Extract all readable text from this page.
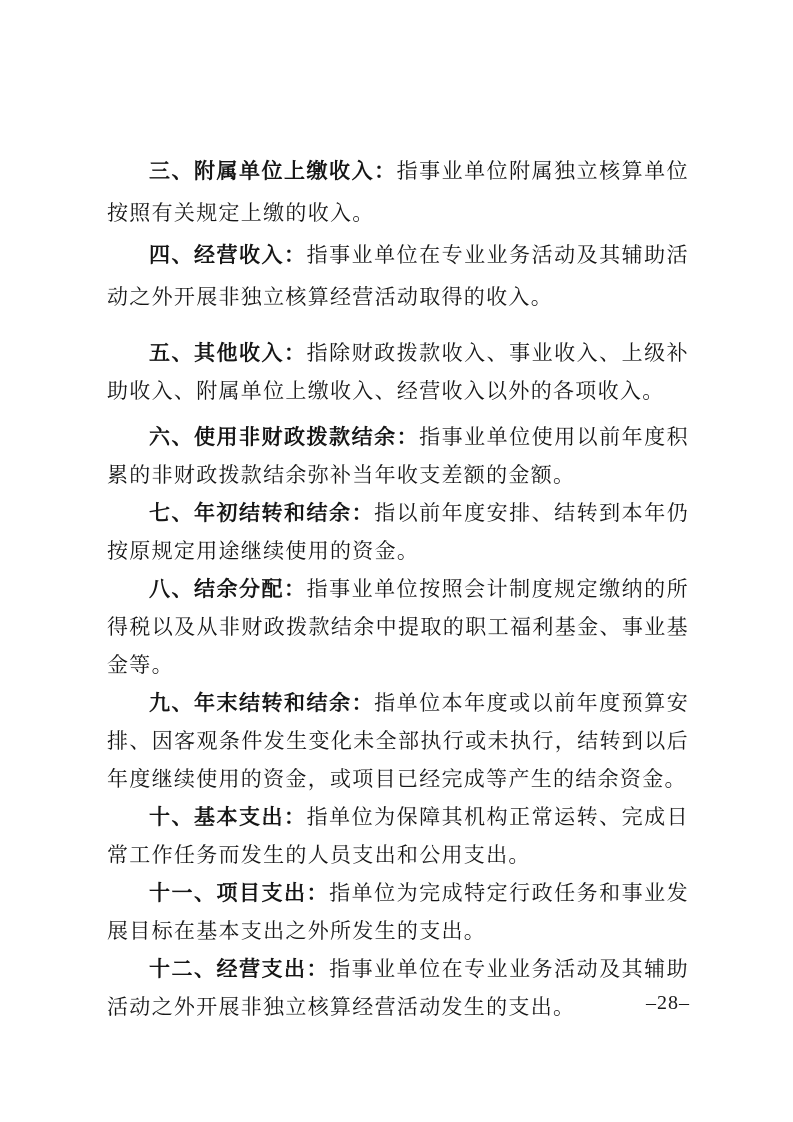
三、附属单位上缴收入：指事业单位附属独立核算单位按照有关规定上缴的收入。

四、经营收入：指事业单位在专业业务活动及其辅助活动之外开展非独立核算经营活动取得的收入。

五、其他收入：指除财政拨款收入、事业收入、上级补助收入、附属单位上缴收入、经营收入以外的各项收入。

六、使用非财政拨款结余：指事业单位使用以前年度积累的非财政拨款结余弥补当年收支差额的金额。

七、年初结转和结余：指以前年度安排、结转到本年仍按原规定用途继续使用的资金。

八、结余分配：指事业单位按照会计制度规定缴纳的所得税以及从非财政拨款结余中提取的职工福利基金、事业基金等。

九、年末结转和结余：指单位本年度或以前年度预算安排、因客观条件发生变化未全部执行或未执行，结转到以后年度继续使用的资金，或项目已经完成等产生的结余资金。

十、基本支出：指单位为保障其机构正常运转、完成日常工作任务而发生的人员支出和公用支出。

十一、项目支出：指单位为完成特定行政任务和事业发展目标在基本支出之外所发生的支出。

十二、经营支出：指事业单位在专业业务活动及其辅助活动之外开展非独立核算经营活动发生的支出。	–28–
